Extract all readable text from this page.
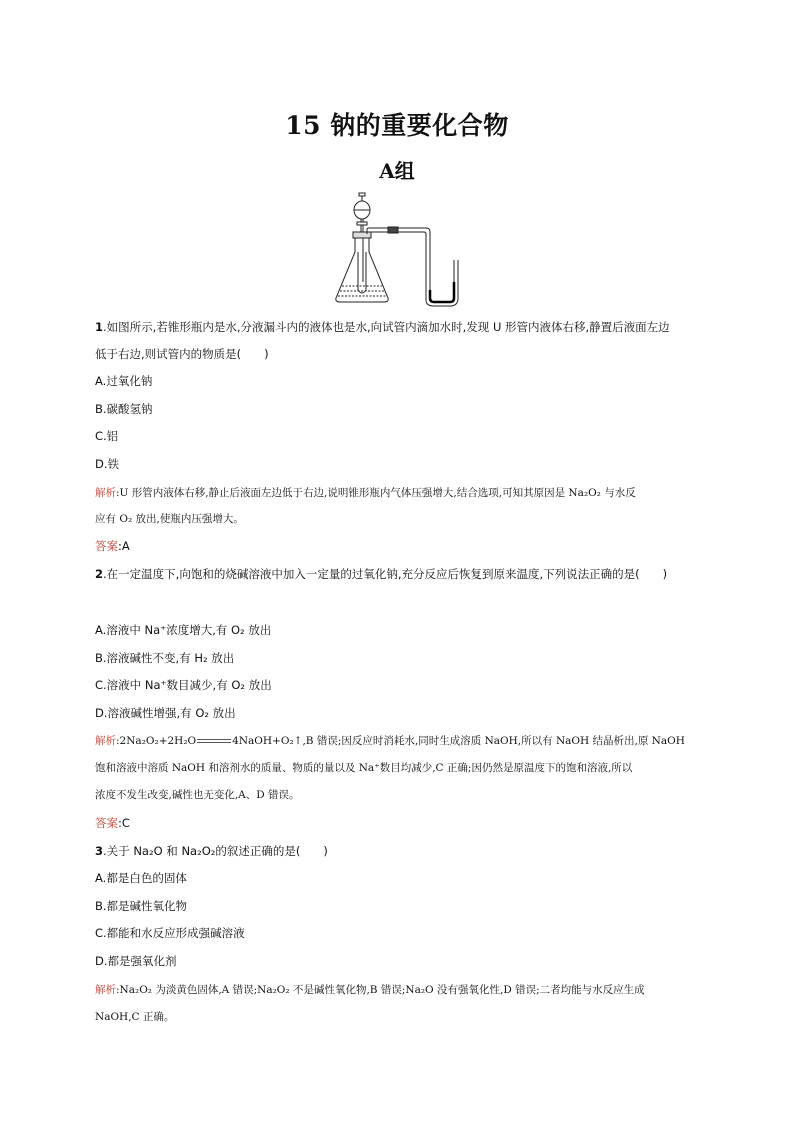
15 钠的重要化合物
A组
1.如图所示,若锥形瓶内是水,分液漏斗内的液体也是水,向试管内滴加水时,发现 U 形管内液体右移,静置后液面左边
低于右边,则试管内的物质是(　　)
A.过氧化钠
B.碳酸氢钠
C.铝
D.铁
解析:U 形管内液体右移,静止后液面左边低于右边,说明锥形瓶内气体压强增大,结合选项,可知其原因是 Na₂O₂ 与水反
应有 O₂ 放出,使瓶内压强增大。
答案:A
2.在一定温度下,向饱和的烧碱溶液中加入一定量的过氧化钠,充分反应后恢复到原来温度,下列说法正确的是(　　)
A.溶液中 Na⁺浓度增大,有 O₂ 放出
B.溶液碱性不变,有 H₂ 放出
C.溶液中 Na⁺数目减少,有 O₂ 放出
D.溶液碱性增强,有 O₂ 放出
解析:2Na₂O₂+2H₂O	4NaOH+O₂↑,B 错误;因反应时消耗水,同时生成溶质 NaOH,所以有 NaOH 结晶析出,原 NaOH
饱和溶液中溶质 NaOH 和溶剂水的质量、物质的量以及 Na⁺数目均减少,C 正确;因仍然是原温度下的饱和溶液,所以
浓度不发生改变,碱性也无变化,A、D 错误。
答案:C
3.关于 Na₂O 和 Na₂O₂的叙述正确的是(　　)
A.都是白色的固体
B.都是碱性氧化物
C.都能和水反应形成强碱溶液
D.都是强氧化剂
解析:Na₂O₂ 为淡黄色固体,A 错误;Na₂O₂ 不是碱性氧化物,B 错误;Na₂O 没有强氧化性,D 错误;二者均能与水反应生成
NaOH,C 正确。
